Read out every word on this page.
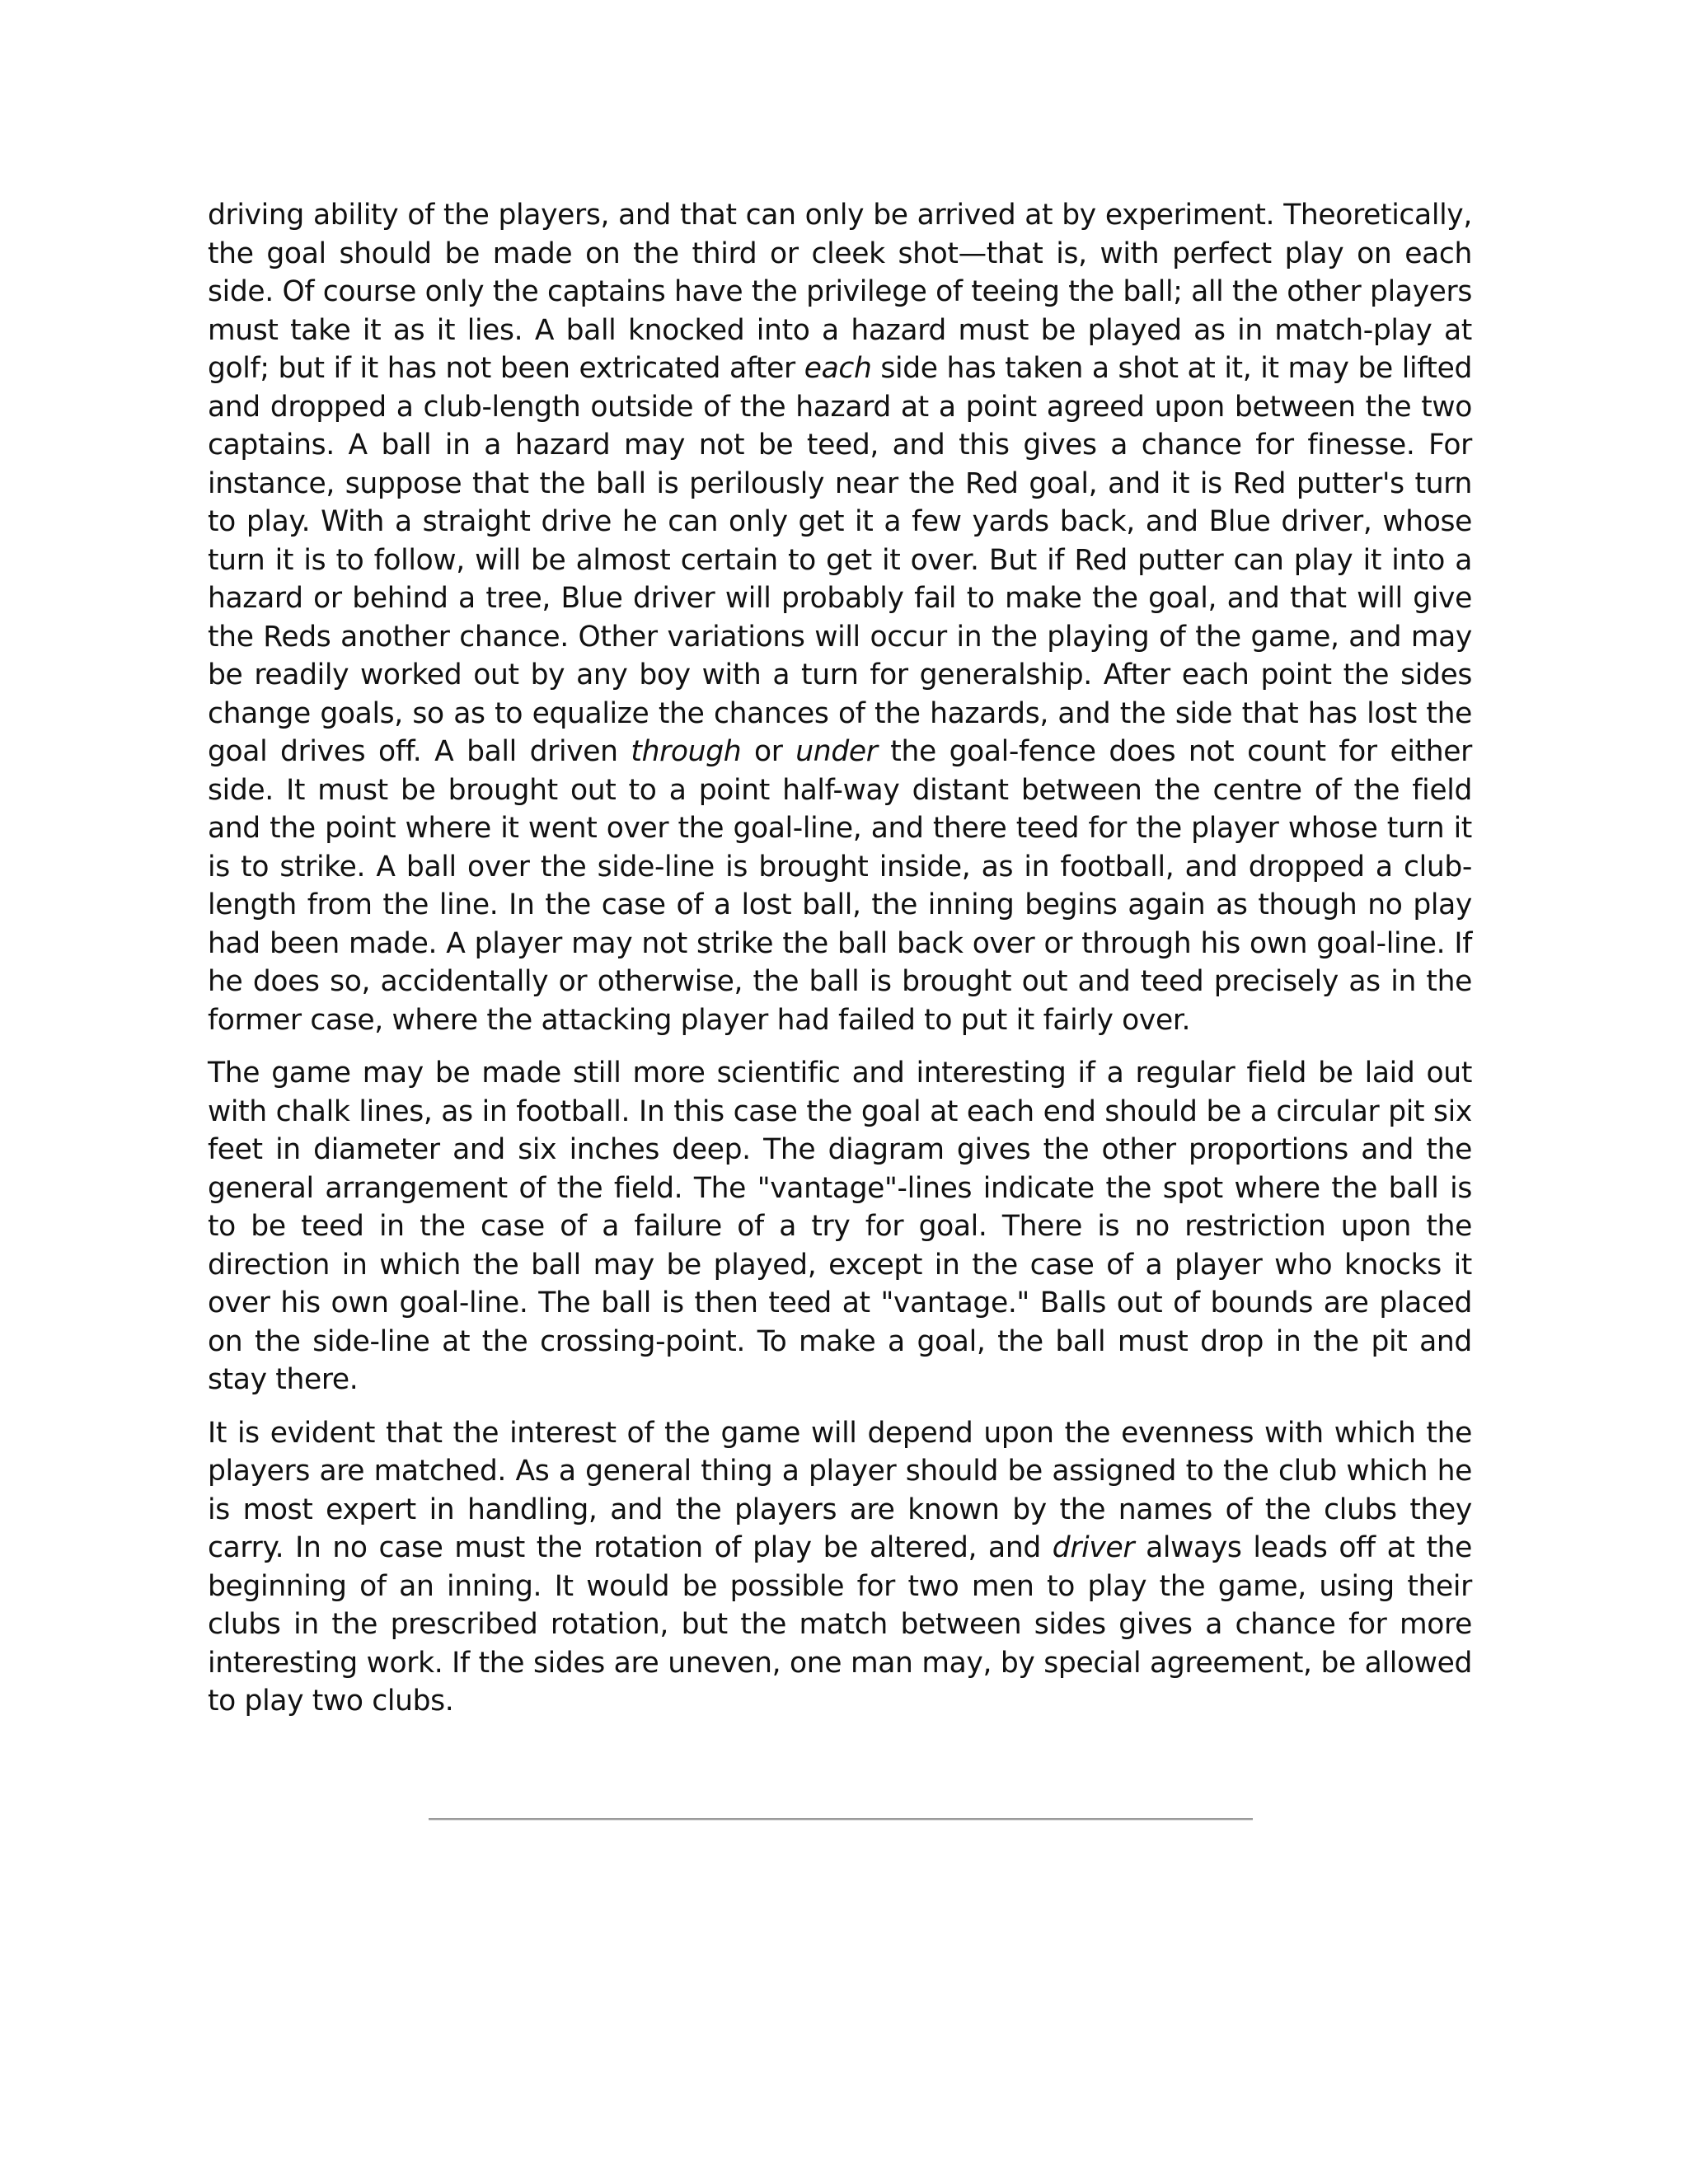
driving ability of the players, and that can only be arrived at by experiment. Theoretically, the goal should be made on the third or cleek shot—that is, with perfect play on each side. Of course only the captains have the privilege of teeing the ball; all the other players must take it as it lies. A ball knocked into a hazard must be played as in match-play at golf; but if it has not been extricated after each side has taken a shot at it, it may be lifted and dropped a club-length outside of the hazard at a point agreed upon between the two captains. A ball in a hazard may not be teed, and this gives a chance for finesse. For instance, suppose that the ball is perilously near the Red goal, and it is Red putter's turn to play. With a straight drive he can only get it a few yards back, and Blue driver, whose turn it is to follow, will be almost certain to get it over. But if Red putter can play it into a hazard or behind a tree, Blue driver will probably fail to make the goal, and that will give the Reds another chance. Other variations will occur in the playing of the game, and may be readily worked out by any boy with a turn for generalship. After each point the sides change goals, so as to equalize the chances of the hazards, and the side that has lost the goal drives off. A ball driven through or under the goal-fence does not count for either side. It must be brought out to a point half-way distant between the centre of the field and the point where it went over the goal-line, and there teed for the player whose turn it is to strike. A ball over the side-line is brought inside, as in football, and dropped a club-length from the line. In the case of a lost ball, the inning begins again as though no play had been made. A player may not strike the ball back over or through his own goal-line. If he does so, accidentally or otherwise, the ball is brought out and teed precisely as in the former case, where the attacking player had failed to put it fairly over.

The game may be made still more scientific and interesting if a regular field be laid out with chalk lines, as in football. In this case the goal at each end should be a circular pit six feet in diameter and six inches deep. The diagram gives the other proportions and the general arrangement of the field. The "vantage"-lines indicate the spot where the ball is to be teed in the case of a failure of a try for goal. There is no restriction upon the direction in which the ball may be played, except in the case of a player who knocks it over his own goal-line. The ball is then teed at "vantage." Balls out of bounds are placed on the side-line at the crossing-point. To make a goal, the ball must drop in the pit and stay there.

It is evident that the interest of the game will depend upon the evenness with which the players are matched. As a general thing a player should be assigned to the club which he is most expert in handling, and the players are known by the names of the clubs they carry. In no case must the rotation of play be altered, and driver always leads off at the beginning of an inning. It would be possible for two men to play the game, using their clubs in the prescribed rotation, but the match between sides gives a chance for more interesting work. If the sides are uneven, one man may, by special agreement, be allowed to play two clubs.
